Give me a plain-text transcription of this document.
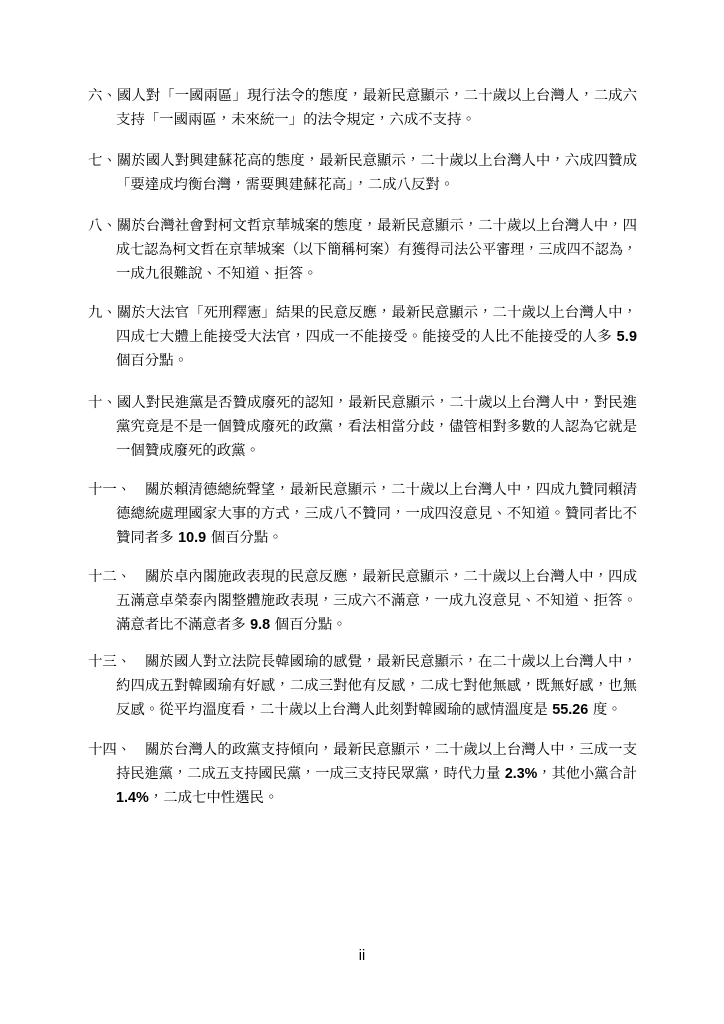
六、國人對「一國兩區」現行法令的態度，最新民意顯示，二十歲以上台灣人，二成六
支持「一國兩區，未來統一」的法令規定，六成不支持。
七、關於國人對興建蘇花高的態度，最新民意顯示，二十歲以上台灣人中，六成四贊成
「要達成均衡台灣，需要興建蘇花高」，二成八反對。
八、關於台灣社會對柯文哲京華城案的態度，最新民意顯示，二十歲以上台灣人中，四
成七認為柯文哲在京華城案（以下簡稱柯案）有獲得司法公平審理，三成四不認為，
一成九很難說、不知道、拒答。
九、關於大法官「死刑釋憲」結果的民意反應，最新民意顯示，二十歲以上台灣人中，
四成七大體上能接受大法官，四成一不能接受。能接受的人比不能接受的人多 5.9
個百分點。
十、國人對民進黨是否贊成廢死的認知，最新民意顯示，二十歲以上台灣人中，對民進
黨究竟是不是一個贊成廢死的政黨，看法相當分歧，儘管相對多數的人認為它就是
一個贊成廢死的政黨。
十一、 關於賴清德總統聲望，最新民意顯示，二十歲以上台灣人中，四成九贊同賴清
德總統處理國家大事的方式，三成八不贊同，一成四沒意見、不知道。贊同者比不
贊同者多 10.9 個百分點。
十二、 關於卓內閣施政表現的民意反應，最新民意顯示，二十歲以上台灣人中，四成
五滿意卓榮泰內閣整體施政表現，三成六不滿意，一成九沒意見、不知道、拒答。
滿意者比不滿意者多 9.8 個百分點。
十三、 關於國人對立法院長韓國瑜的感覺，最新民意顯示，在二十歲以上台灣人中，
約四成五對韓國瑜有好感，二成三對他有反感，二成七對他無感，既無好感，也無
反感。從平均溫度看，二十歲以上台灣人此刻對韓國瑜的感情溫度是 55.26 度。
十四、 關於台灣人的政黨支持傾向，最新民意顯示，二十歲以上台灣人中，三成一支
持民進黨，二成五支持國民黨，一成三支持民眾黨，時代力量 2.3%，其他小黨合計
1.4%，二成七中性選民。
ii
